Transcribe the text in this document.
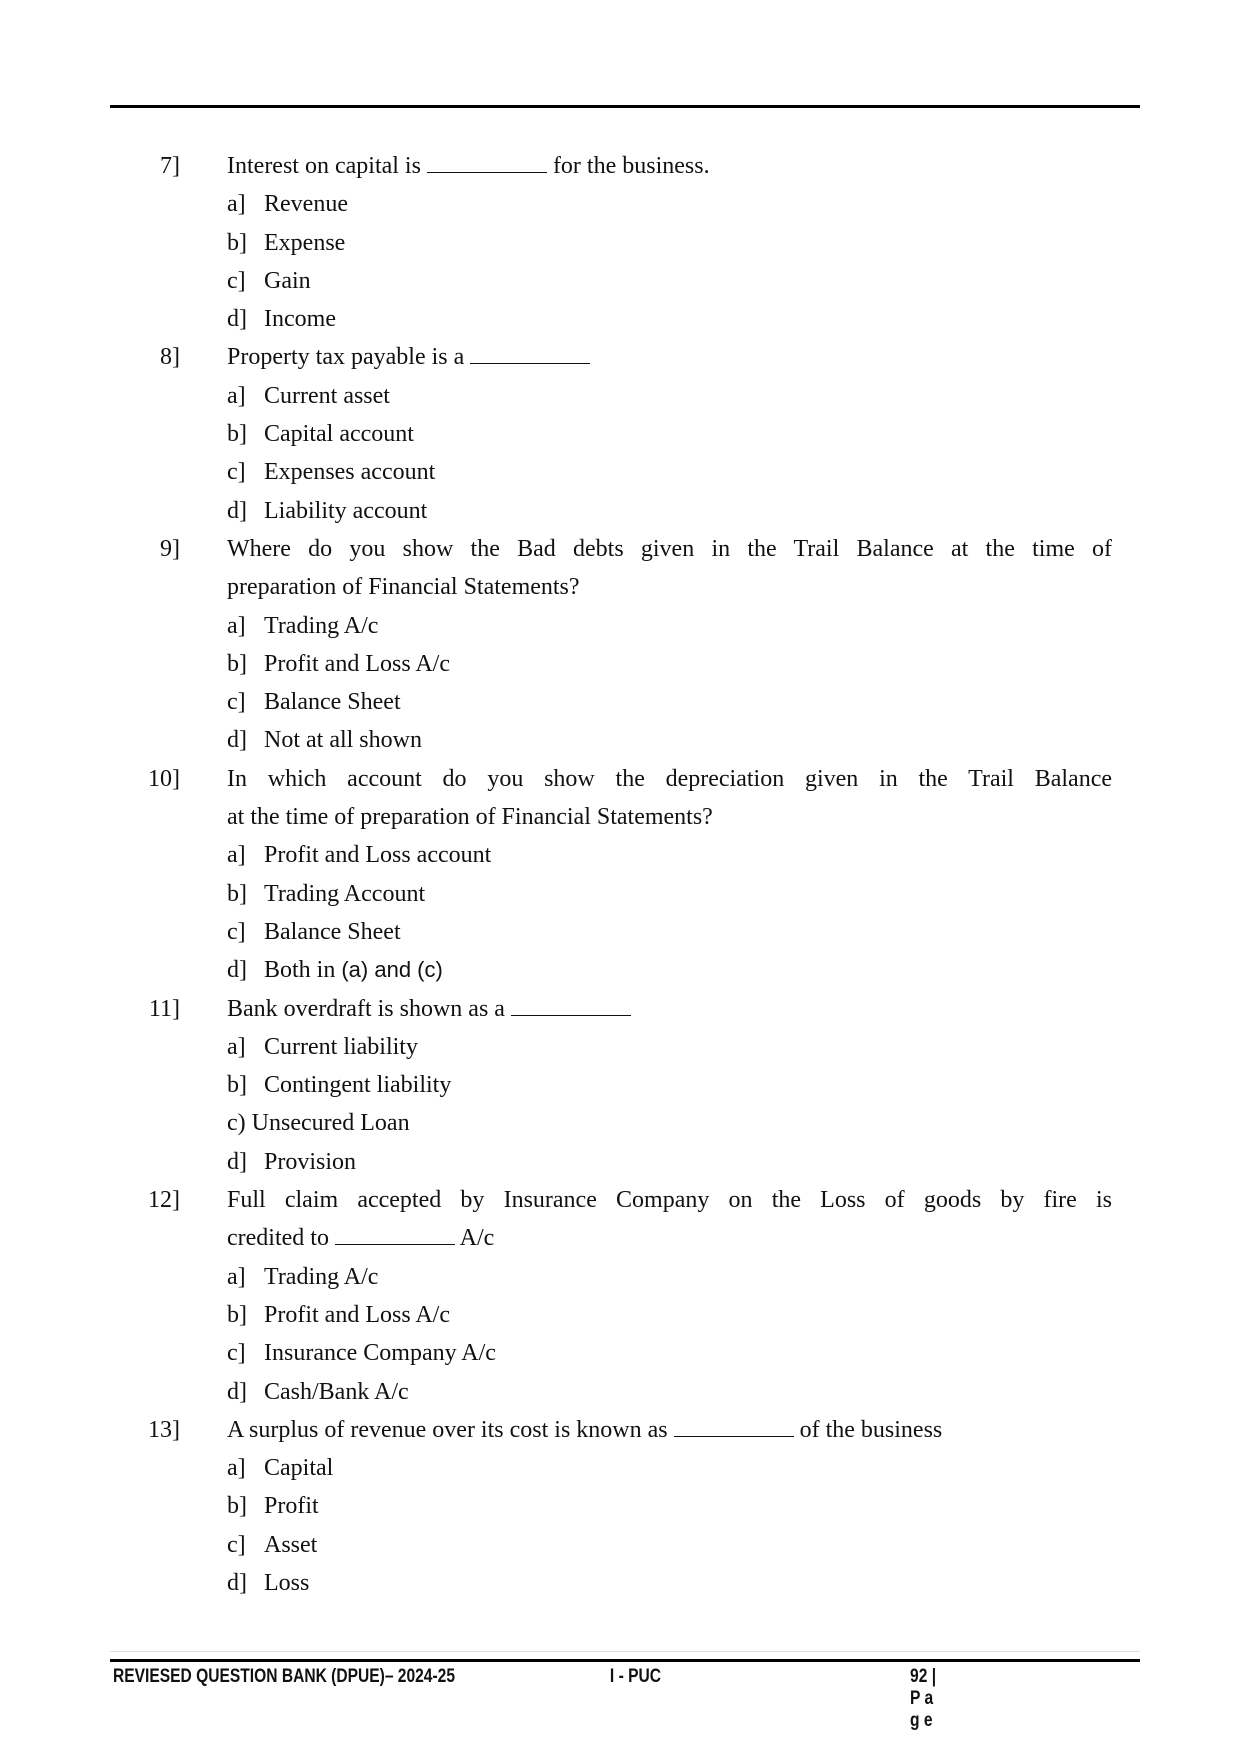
7] Interest on capital is	for the business.
a] Revenue
b] Expense
c] Gain
d] Income
8] Property tax payable is a
a] Current asset
b] Capital account
c] Expenses account
d] Liability account
9] Where do you show the Bad debts given in the Trail Balance at the time of
preparation of Financial Statements?
a] Trading A/c
b] Profit and Loss A/c
c] Balance Sheet
d] Not at all shown
10] In which account do you show the depreciation given in the Trail Balance
at the time of preparation of Financial Statements?
a] Profit and Loss account
b] Trading Account
c] Balance Sheet
d] Both in (a) and (c)
11] Bank overdraft is shown as a
a] Current liability
b] Contingent liability
c) Unsecured Loan
d] Provision
12] Full claim accepted by Insurance Company on the Loss of goods by fire is
credited to	A/c
a] Trading A/c
b] Profit and Loss A/c
c] Insurance Company A/c
d] Cash/Bank A/c
13] A surplus of revenue over its cost is known as	of the business
a] Capital
b] Profit
c] Asset
d] Loss
REVIESED QUESTION BANK (DPUE)– 2024-25	I - PUC	92 | P a g e
